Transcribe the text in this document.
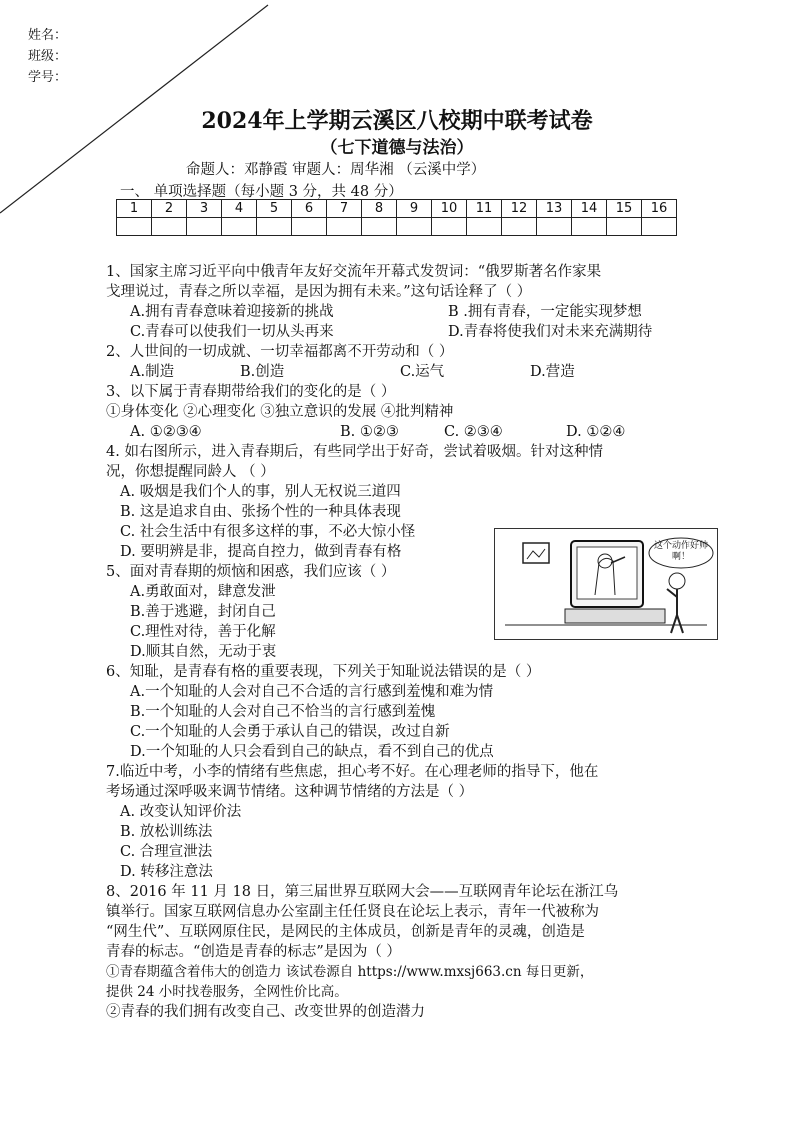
姓名：
班级：
学号：
2024年上学期云溪区八校期中联考试卷
（七下道德与法治）
命题人：邓静霞 审题人：周华湘 （云溪中学）
一、 单项选择题（每小题 3 分，共 48 分）
1	2	3	4	5	6	7	8	9	10	11	12	13	14	15	16

1、国家主席习近平向中俄青年友好交流年开幕式发贺词：“俄罗斯著名作家果
戈理说过，青春之所以幸福，是因为拥有未来。”这句话诠释了（ ）
A.拥有青春意味着迎接新的挑战	B .拥有青春，一定能实现梦想
C.青春可以使我们一切从头再来	D.青春将使我们对未来充满期待
2、人世间的一切成就、一切幸福都离不开劳动和（ ）
A.制造	B.创造	C.运气	D.营造
3、以下属于青春期带给我们的变化的是（ ）
①身体变化 ②心理变化 ③独立意识的发展 ④批判精神
A. ①②③④	B. ①②③	C. ②③④	D. ①②④
4. 如右图所示，进入青春期后，有些同学出于好奇，尝试着吸烟。针对这种情
况，你想提醒同龄人 （ ）
A. 吸烟是我们个人的事，别人无权说三道四
B. 这是追求自由、张扬个性的一种具体表现
C. 社会生活中有很多这样的事，不必大惊小怪
D. 要明辨是非，提高自控力，做到青春有格	这个动作好帅啊！
5、面对青春期的烦恼和困惑，我们应该（ ）
A.勇敢面对，肆意发泄
B.善于逃避，封闭自己
C.理性对待，善于化解
D.顺其自然，无动于衷
6、知耻，是青春有格的重要表现，下列关于知耻说法错误的是（ ）
A.一个知耻的人会对自己不合适的言行感到羞愧和难为情
B.一个知耻的人会对自己不恰当的言行感到羞愧
C.一个知耻的人会勇于承认自己的错误，改过自新
D.一个知耻的人只会看到自己的缺点，看不到自己的优点
7.临近中考，小李的情绪有些焦虑，担心考不好。在心理老师的指导下，他在
考场通过深呼吸来调节情绪。这种调节情绪的方法是（ ）
A. 改变认知评价法
B. 放松训练法
C. 合理宣泄法
D. 转移注意法
8、2016 年 11 月 18 日，第三届世界互联网大会——互联网青年论坛在浙江乌
镇举行。国家互联网信息办公室副主任任贤良在论坛上表示，青年一代被称为
“网生代”、互联网原住民，是网民的主体成员，创新是青年的灵魂，创造是
青春的标志。“创造是青春的标志”是因为（ ）
①青春期蕴含着伟大的创造力 该试卷源自 https://www.mxsj663.cn 每日更新，
提供 24 小时找卷服务，全网性价比高。
②青春的我们拥有改变自己、改变世界的创造潜力
